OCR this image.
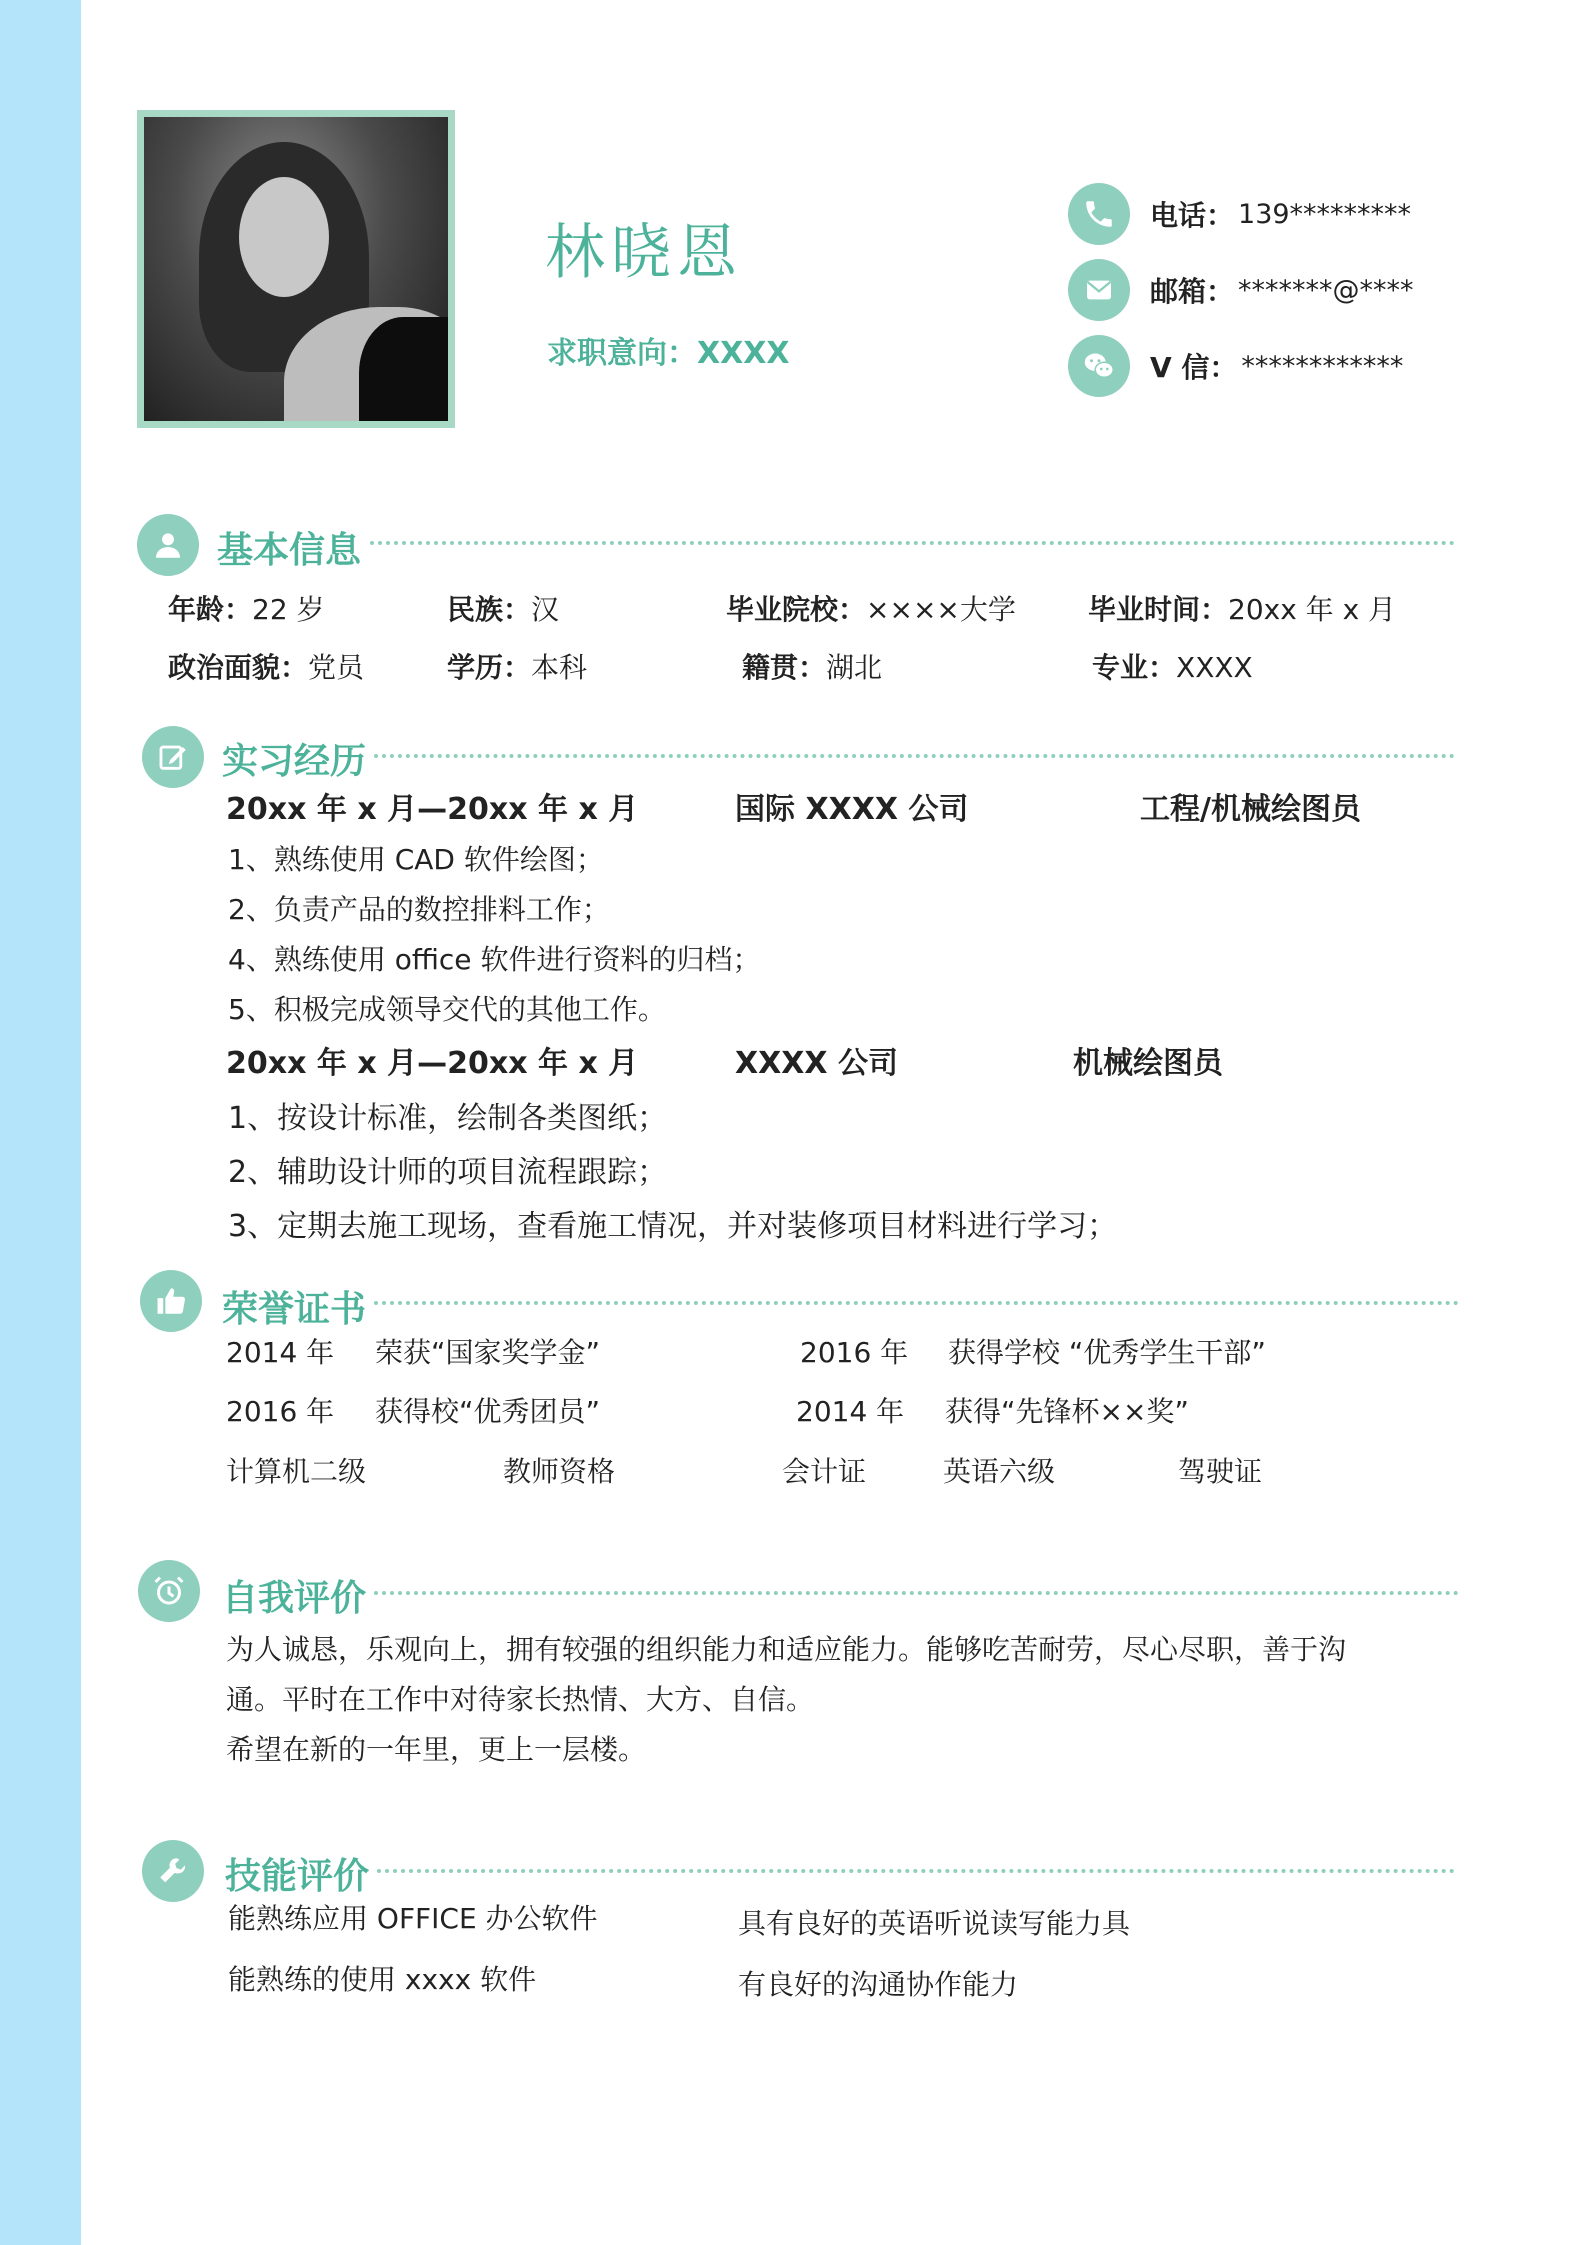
林晓恩
求职意向：XXXX
电话： 139*********
邮箱： *******@****
V 信： ************
基本信息
年龄：22 岁	民族：汉	毕业院校：××××大学	毕业时间：20xx 年 x 月
政治面貌：党员	学历：本科	籍贯：湖北	专业：XXXX
实习经历
20xx 年 x 月—20xx 年 x 月	国际 XXXX 公司	工程/机械绘图员
1、熟练使用 CAD 软件绘图；
2、负责产品的数控排料工作；
4、熟练使用 office 软件进行资料的归档；
5、积极完成领导交代的其他工作。
20xx 年 x 月—20xx 年 x 月	XXXX 公司	机械绘图员
1、按设计标准，绘制各类图纸；
2、辅助设计师的项目流程跟踪；
3、定期去施工现场，查看施工情况，并对装修项目材料进行学习；
荣誉证书
2014 年 荣获“国家奖学金”	2016 年 获得学校 “优秀学生干部”
2016 年 获得校“优秀团员”	2014 年 获得“先锋杯××奖”
计算机二级	教师资格	会计证	英语六级	驾驶证
自我评价
为人诚恳，乐观向上，拥有较强的组织能力和适应能力。能够吃苦耐劳，尽心尽职，善于沟
通。平时在工作中对待家长热情、大方、自信。
希望在新的一年里，更上一层楼。
技能评价
能熟练应用 OFFICE 办公软件	具有良好的英语听说读写能力具
能熟练的使用 xxxx 软件	有良好的沟通协作能力
